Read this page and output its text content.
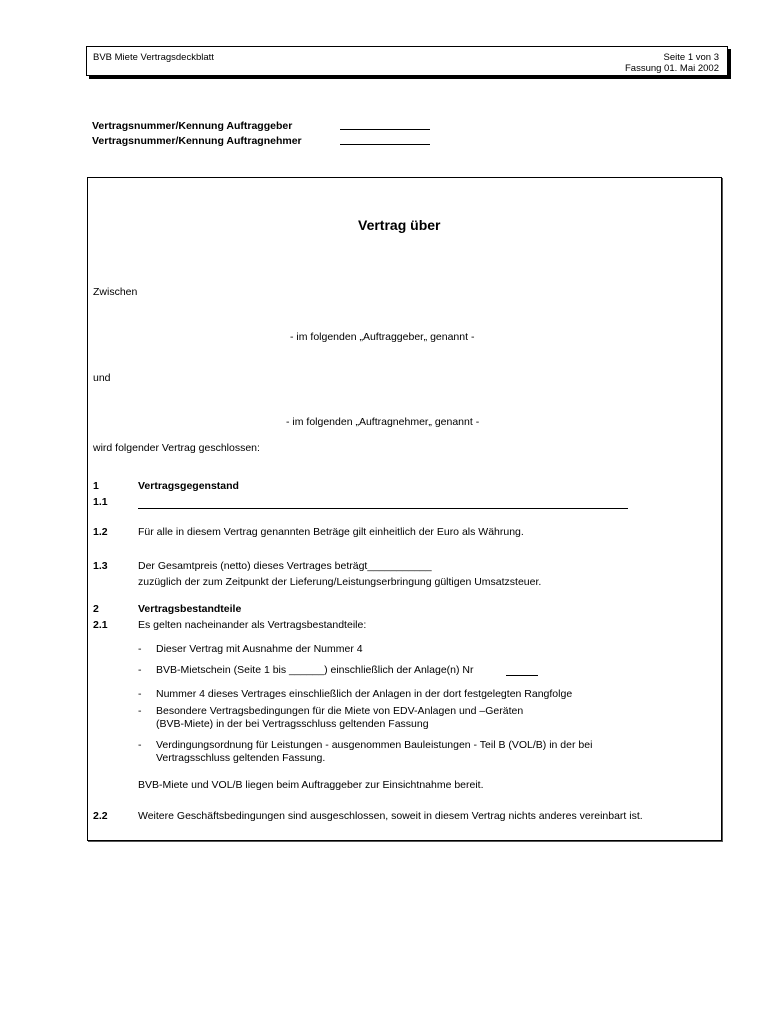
BVB Miete Vertragsdeckblatt	Seite 1 von 3
Fassung 01. Mai 2002
Vertragsnummer/Kennung Auftraggeber
Vertragsnummer/Kennung Auftragnehmer
Vertrag über
Zwischen
- im folgenden „Auftraggeber„ genannt -
und
- im folgenden „Auftragnehmer„ genannt -
wird folgender Vertrag geschlossen:
1	Vertragsgegenstand
1.1
1.2	Für alle in diesem Vertrag genannten Beträge gilt einheitlich der Euro als Währung.
1.3	Der Gesamtpreis (netto) dieses Vertrages beträgt___________
zuzüglich der zum Zeitpunkt der Lieferung/Leistungserbringung gültigen Umsatzsteuer.
2	Vertragsbestandteile
2.1	Es gelten nacheinander als Vertragsbestandteile:
- Dieser Vertrag mit Ausnahme der Nummer 4
- BVB-Mietschein (Seite 1 bis ______) einschließlich der Anlage(n) Nr
- Nummer 4 dieses Vertrages einschließlich der Anlagen in der dort festgelegten Rangfolge
- Besondere Vertragsbedingungen für die Miete von EDV-Anlagen und –Geräten
(BVB-Miete) in der bei Vertragsschluss geltenden Fassung
- Verdingungsordnung für Leistungen - ausgenommen Bauleistungen - Teil B (VOL/B) in der bei
Vertragsschluss geltenden Fassung.
BVB-Miete und VOL/B liegen beim Auftraggeber zur Einsichtnahme bereit.
2.2	Weitere Geschäftsbedingungen sind ausgeschlossen, soweit in diesem Vertrag nichts anderes vereinbart ist.
